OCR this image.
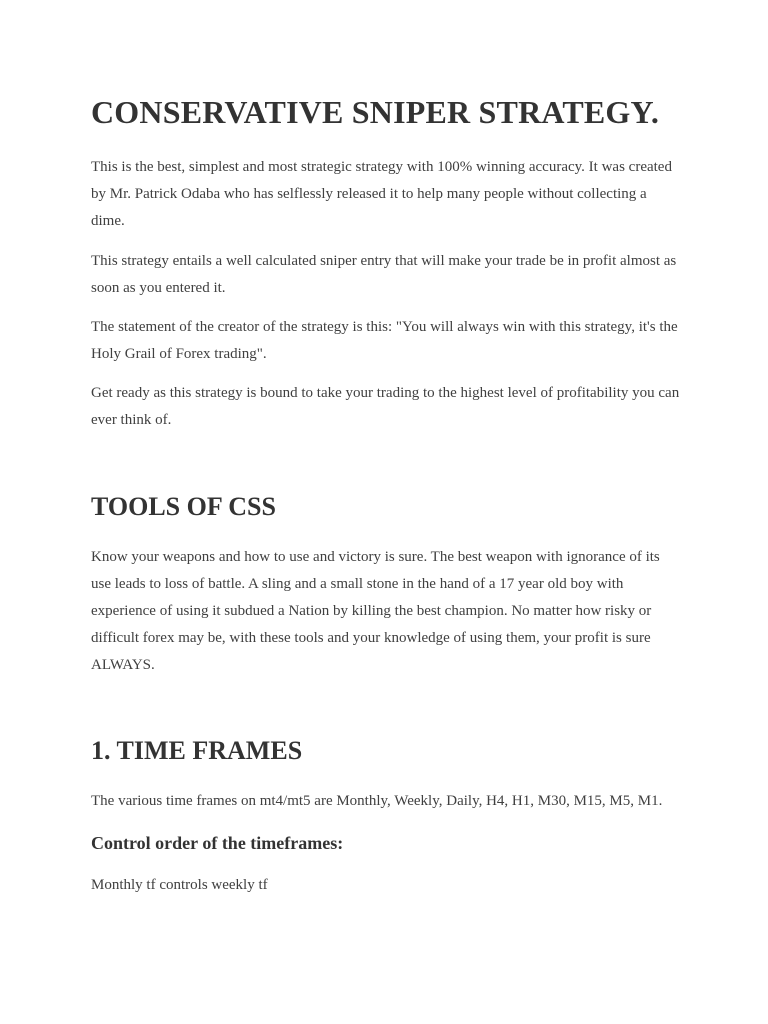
CONSERVATIVE SNIPER STRATEGY.

This is the best, simplest and most strategic strategy with 100% winning accuracy. It was created by Mr. Patrick Odaba who has selflessly released it to help many people without collecting a dime.

This strategy entails a well calculated sniper entry that will make your trade be in profit almost as soon as you entered it.

The statement of the creator of the strategy is this: "You will always win with this strategy, it's the Holy Grail of Forex trading".

Get ready as this strategy is bound to take your trading to the highest level of profitability you can ever think of.

TOOLS OF CSS

Know your weapons and how to use and victory is sure. The best weapon with ignorance of its use leads to loss of battle. A sling and a small stone in the hand of a 17 year old boy with experience of using it subdued a Nation by killing the best champion. No matter how risky or difficult forex may be, with these tools and your knowledge of using them, your profit is sure ALWAYS.

1. TIME FRAMES

The various time frames on mt4/mt5 are Monthly, Weekly, Daily, H4, H1, M30, M15, M5, M1.

Control order of the timeframes:

Monthly tf controls weekly tf
